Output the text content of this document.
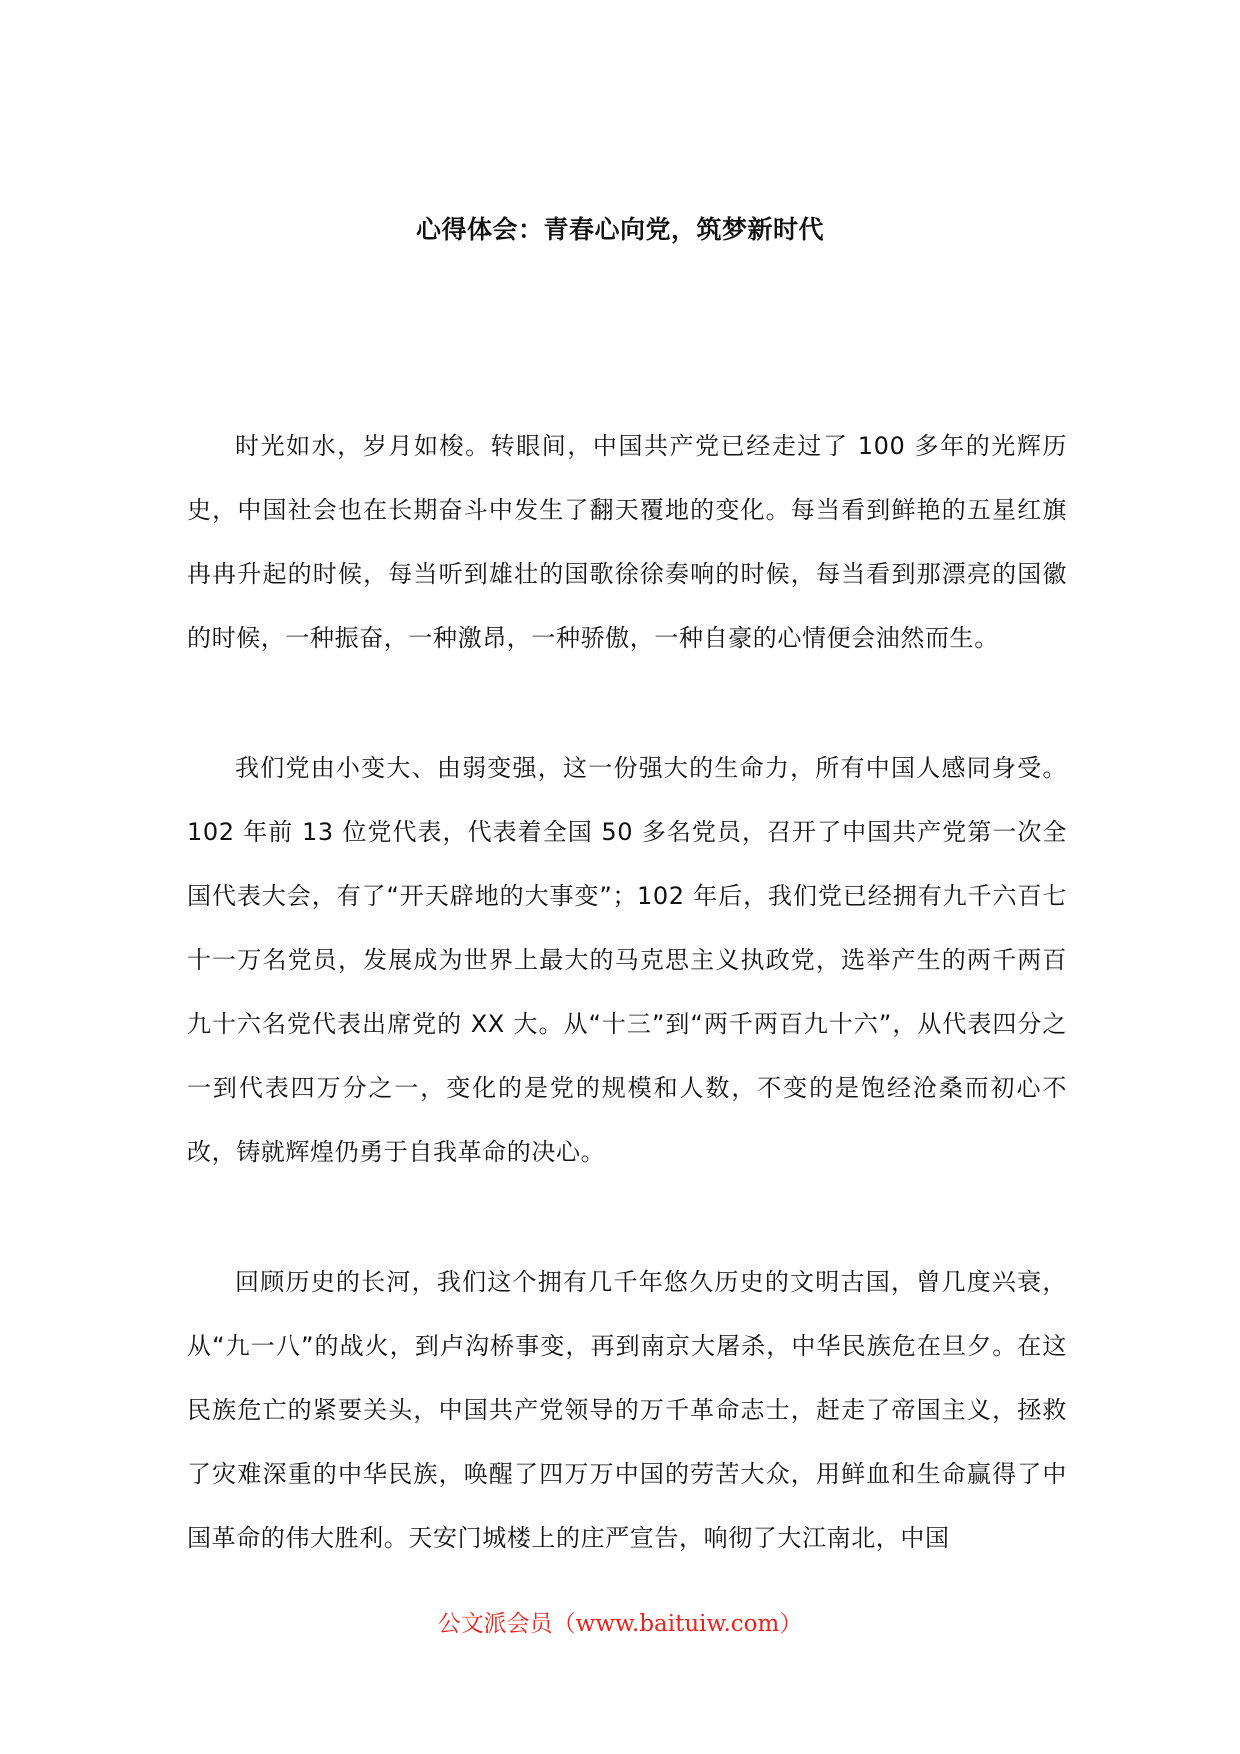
心得体会：青春心向党，筑梦新时代

时光如水，岁月如梭。转眼间，中国共产党已经走过了 100 多年的光辉历史，中国社会也在长期奋斗中发生了翻天覆地的变化。每当看到鲜艳的五星红旗冉冉升起的时候，每当听到雄壮的国歌徐徐奏响的时候，每当看到那漂亮的国徽的时候，一种振奋，一种激昂，一种骄傲，一种自豪的心情便会油然而生。

我们党由小变大、由弱变强，这一份强大的生命力，所有中国人感同身受。102 年前 13 位党代表，代表着全国 50 多名党员，召开了中国共产党第一次全国代表大会，有了“开天辟地的大事变”；102 年后，我们党已经拥有九千六百七十一万名党员，发展成为世界上最大的马克思主义执政党，选举产生的两千两百九十六名党代表出席党的 XX 大。从“十三”到“两千两百九十六”，从代表四分之一到代表四万分之一，变化的是党的规模和人数，不变的是饱经沧桑而初心不改，铸就辉煌仍勇于自我革命的决心。

回顾历史的长河，我们这个拥有几千年悠久历史的文明古国，曾几度兴衰，从“九一八”的战火，到卢沟桥事变，再到南京大屠杀，中华民族危在旦夕。在这民族危亡的紧要关头，中国共产党领导的万千革命志士，赶走了帝国主义，拯救了灾难深重的中华民族，唤醒了四万万中国的劳苦大众，用鲜血和生命赢得了中国革命的伟大胜利。天安门城楼上的庄严宣告，响彻了大江南北，中国

公文派会员（www.baituiw.com）
